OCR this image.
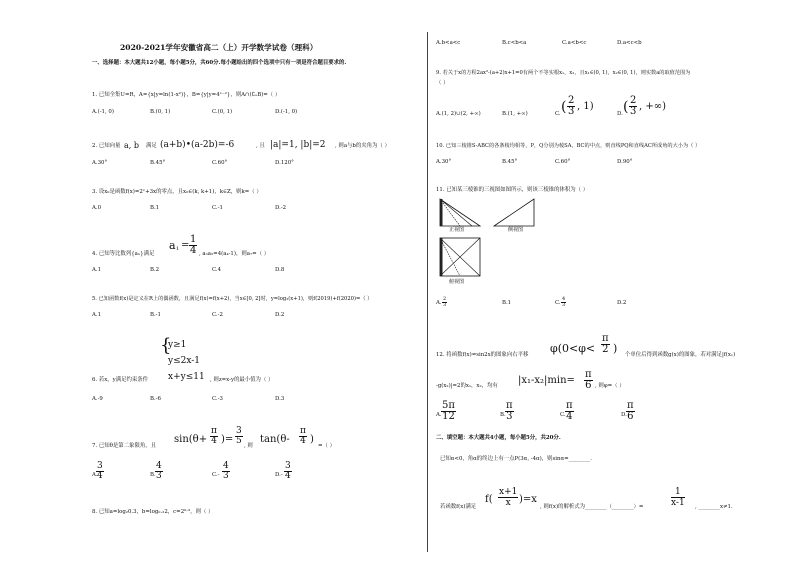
2020-2021学年安徽省高二（上）开学数学试卷（理科）
一、选择题：本大题共12小题，每小题5分，共60分.每小题给出的四个选项中只有一项是符合题目要求的.
1. 已知全集U=R，A={x|y=ln(1-x²)}，B={y|y=4ˣ⁻²}，则A∩(∁ᵤB)=（ ）
A.(-1, 0)	B.(0, 1)	C.(0, 1)	D.(-1, 0)
2. 已知向量 a, b 满足 (a+b)•(a-2b)=-6	, 且 |a|=1, |b|=2 , 则a与b的夹角为（ ）
A.30°	B.45°	C.60°	D.120°
3. 设x₀是函数f(x)=2ˣ+3x的零点，且x₀∈(k, k+1)，k∈Z，则k=（ ）
A.0	B.1	C.-1	D.-2
4. 已知等比数列{aₙ}满足
a $1 = \frac{1}{4}$ , a₃a₅=4(a₄-1)，则a₇=（ ）
A.1	B.2	C.4	D.8
5. 已知函数f(x)是定义在R上的偶函数，且满足f(x)=f(x+2)，当x∈[0, 2]时，y=log₂(x+1)，则f(2019)+f(2020)=（ ）
A.1	B.-1	C.-2	D.2
6. 若x，y满足约束条件
{
y≥1
y≤2x-1
x+y≤11 , 则z=x-y的最小值为（ ）
A.-9	B.-6	C.-3	D.3
7. 已知θ是第二象限角，且
$\sin(\theta+ \frac{\pi}{4}$ )= $\frac{3}{5}$ , 则
$\tan(\theta- \frac{\pi}{4}$ )
=（ ）
A.
$\frac{3}{4}$	B. $\frac{4}{3}$	$C.- \frac{4}{3}$	$D.- \frac{3}{4}$
8. 已知a=log₂0.3，b=log₀.₃2，c=2⁰·³，则（ ）
A.b<a<c	B.c<b<a	C.a<b<c	D.a<c<b
9. 若关于x的方程2ax²-(a+2)x+1=0有两个不等实根x₁，x₂，且x₁∈(0, 1)，x₂∈(0, 1)，则实数a的取值范围为
（ ）
A.(1, 2)∪(2, +∞)	B.(1, +∞)	C. ( $\frac{2}{3}$ , 1)
D. ( $\frac{2}{3}$ , +∞)
10. 已知三棱锥S-ABC的各条棱均相等，P，Q分别为棱SA，BC的中点，则直线PQ和直线AC所成角的大小为（ ）
A.30°	B.45°	C.60°	D.90°
11. 已知某三棱锥的三视图如图所示，则该三棱锥的体积为（ ）
正视图	侧视图
俯视图
A. $\frac{2}{3}$	B.1	C. $\frac{4}{3}$	D.2
$\varphi(0<\varphi< \frac{\pi}{2}$ )
12. 将函数f(x)=sin2x的图象向右平移	个单位后得到函数g(x)的图象，若对满足|f(x₁)
-g(x₂)|=2的x₁，x₂，均有 $|x_1-x_2|\min= \frac{\pi}{6}$ , 则φ=（ ）
A. $\frac{5\pi}{12}$	B. $\frac{\pi}{3}$	C. $\frac{\pi}{4}$	D. $\frac{\pi}{6}$
二、填空题：本大题共4小题，每小题5分，共20分.
已知α<0，角α的终边上有一点P(3α, -4α)，则sinα=________.
若函数f(x)满足
$f( \frac{x+1}{x} )=x$
, 则f(x)的解析式为________（________）=	$\frac{1}{x-1}$ , ________x≠1.
